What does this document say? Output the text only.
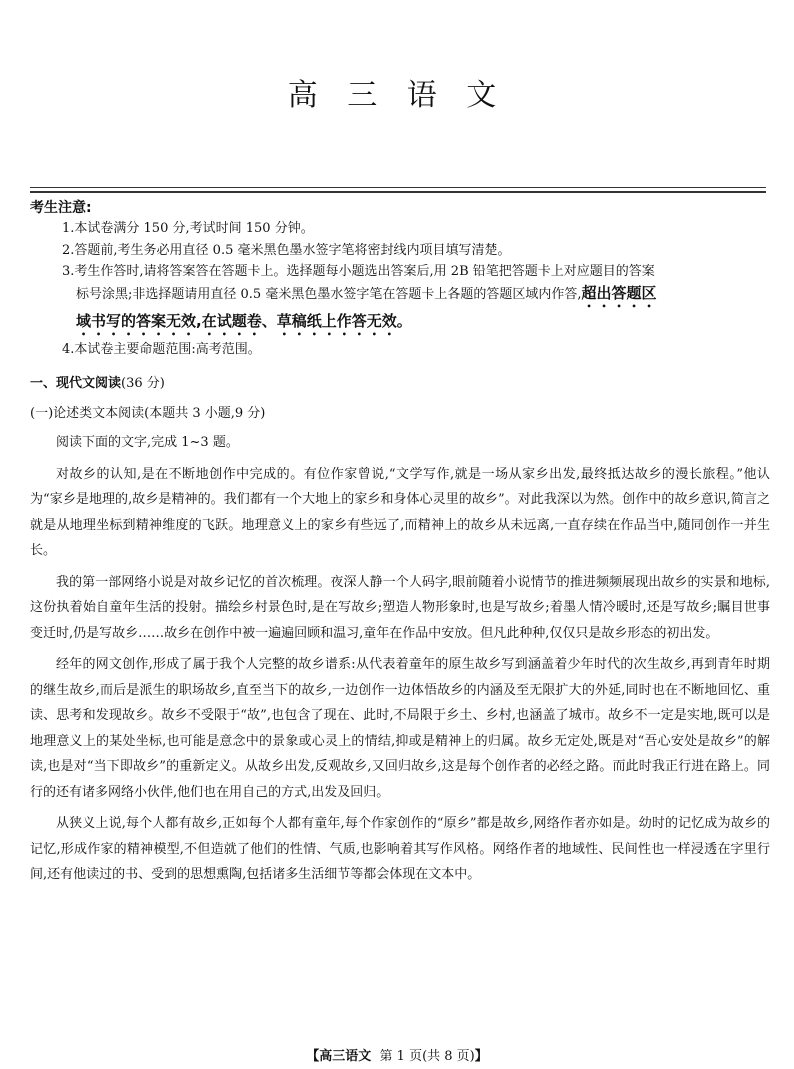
高 三 语 文
考生注意:
1.本试卷满分 150 分,考试时间 150 分钟。
2.答题前,考生务必用直径 0.5 毫米黑色墨水签字笔将密封线内项目填写清楚。
3.考生作答时,请将答案答在答题卡上。选择题每小题选出答案后,用 2B 铅笔把答题卡上对应题目的答案
标号涂黑;非选择题请用直径 0.5 毫米黑色墨水签字笔在答题卡上各题的答题区域内作答,超出答题区
域书写的答案无效,在试题卷、草稿纸上作答无效。
4.本试卷主要命题范围:高考范围。
一、现代文阅读(36 分)
(一)论述类文本阅读(本题共 3 小题,9 分)

阅读下面的文字,完成 1~3 题。

对故乡的认知,是在不断地创作中完成的。有位作家曾说,“文学写作,就是一场从家乡出发,最终抵达故乡的漫长旅程。”他认为“家乡是地理的,故乡是精神的。我们都有一个大地上的家乡和身体心灵里的故乡”。对此我深以为然。创作中的故乡意识,简言之就是从地理坐标到精神维度的飞跃。地理意义上的家乡有些远了,而精神上的故乡从未远离,一直存续在作品当中,随同创作一并生长。

我的第一部网络小说是对故乡记忆的首次梳理。夜深人静一个人码字,眼前随着小说情节的推进频频展现出故乡的实景和地标,这份执着始自童年生活的投射。描绘乡村景色时,是在写故乡;塑造人物形象时,也是写故乡;着墨人情冷暖时,还是写故乡;瞩目世事变迁时,仍是写故乡……故乡在创作中被一遍遍回顾和温习,童年在作品中安放。但凡此种种,仅仅只是故乡形态的初出发。

经年的网文创作,形成了属于我个人完整的故乡谱系:从代表着童年的原生故乡写到涵盖着少年时代的次生故乡,再到青年时期的继生故乡,而后是派生的职场故乡,直至当下的故乡,一边创作一边体悟故乡的内涵及至无限扩大的外延,同时也在不断地回忆、重读、思考和发现故乡。故乡不受限于“故”,也包含了现在、此时,不局限于乡土、乡村,也涵盖了城市。故乡不一定是实地,既可以是地理意义上的某处坐标,也可能是意念中的景象或心灵上的情结,抑或是精神上的归属。故乡无定处,既是对“吾心安处是故乡”的解读,也是对“当下即故乡”的重新定义。从故乡出发,反观故乡,又回归故乡,这是每个创作者的必经之路。而此时我正行进在路上。同行的还有诸多网络小伙伴,他们也在用自己的方式,出发及回归。

从狭义上说,每个人都有故乡,正如每个人都有童年,每个作家创作的“原乡”都是故乡,网络作者亦如是。幼时的记忆成为故乡的记忆,形成作家的精神模型,不但造就了他们的性情、气质,也影响着其写作风格。网络作者的地域性、民间性也一样浸透在字里行间,还有他读过的书、受到的思想熏陶,包括诸多生活细节等都会体现在文本中。

【高三语文 第 1 页(共 8 页)】
